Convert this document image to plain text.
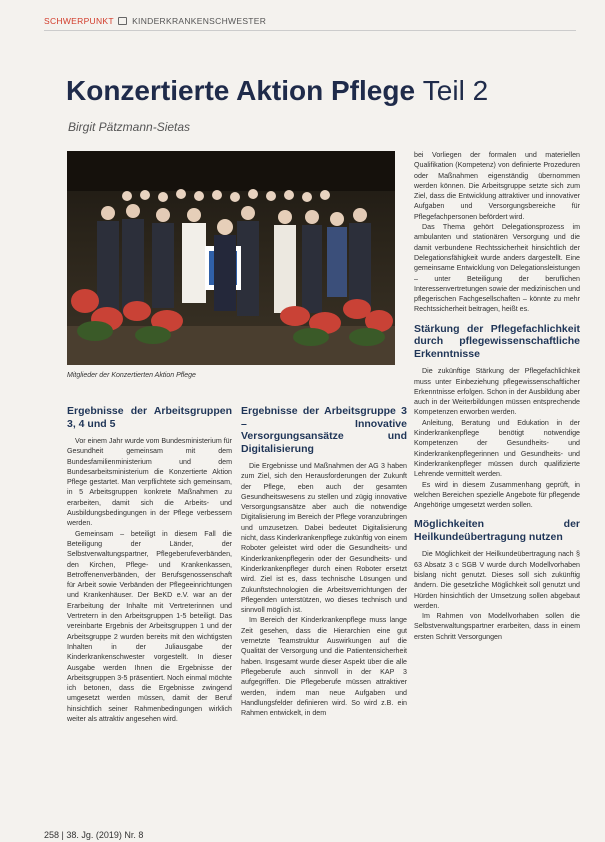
SCHWERPUNKT KINDERKRANKENSCHWESTER
Konzertierte Aktion Pflege Teil 2
Birgit Pätzmann-Sietas
Mitglieder der Konzertierten Aktion Pflege
Ergebnisse der Arbeitsgruppen 3, 4 und 5

Vor einem Jahr wurde vom Bundesministerium für Gesundheit gemeinsam mit dem Bundesfamilienministerium und dem Bundesarbeitsministerium die Konzertierte Aktion Pflege gestartet. Man verpflichtete sich gemeinsam, in 5 Arbeitsgruppen konkrete Maßnahmen zu erarbeiten, damit sich die Arbeits- und Ausbildungsbedingungen in der Pflege verbessern werden.

Gemeinsam – beteiligt in diesem Fall die Beteiligung der Länder, der Selbstverwaltungspartner, Pflegeberufeverbänden, den Kirchen, Pflege- und Krankenkassen, Betroffenenverbänden, der Berufsgenossenschaft für Arbeit sowie Verbänden der Pflegeeinrichtungen und Krankenhäuser. Der BeKD e.V. war an der Erarbeitung der Inhalte mit Vertreterinnen und Vertretern in den Arbeitsgruppen 1-5 beteiligt. Das vereinbarte Ergebnis der Arbeitsgruppen 1 und der Arbeitsgruppe 2 wurden bereits mit den wichtigsten Inhalten in der Juliausgabe der Kinderkrankenschwester vorgestellt. In dieser Ausgabe werden Ihnen die Ergebnisse der Arbeitsgruppen 3-5 präsentiert. Noch einmal möchte ich betonen, dass die Ergebnisse zwingend umgesetzt werden müssen, damit der Beruf hinsichtlich seiner Rahmenbedingungen wirklich weiter als attraktiv angesehen wird.

Ergebnisse der Arbeitsgruppe 3 – Innovative Versorgungsansätze und Digitalisierung

Die Ergebnisse und Maßnahmen der AG 3 haben zum Ziel, sich den Herausforderungen der Zukunft der Pflege, eben auch der gesamten Gesundheitswesens zu stellen und zügig innovative Versorgungsansätze aber auch die notwendige Digitalisierung im Bereich der Pflege voranzubringen und umzusetzen. Dabei bedeutet Digitalisierung nicht, dass Kinderkrankenpflege zukünftig von einem Roboter geleistet wird oder die Gesundheits- und Kinderkrankenpflegerin oder der Gesundheits- und Kinderkrankenpfleger durch einen Roboter ersetzt wird. Ziel ist es, dass technische Lösungen und Zukunftstechnologien die Arbeitsverrichtungen der Pflegenden unterstützen, wo dieses technisch und sinnvoll möglich ist.

Im Bereich der Kinderkrankenpflege muss lange Zeit gesehen, dass die Hierarchien eine gut vernetzte Teamstruktur Auswirkungen auf die Qualität der Versorgung und die Patientensicherheit haben. Insgesamt wurde dieser Aspekt über die alle Pflegeberufe auch sinnvoll in der KAP 3 aufgegriffen. Die Pflegeberufe müssen attraktiver werden, indem man neue Aufgaben und Handlungsfelder definieren wird. So wird z.B. ein Rahmen entwickelt, in dem

bei Vorliegen der formalen und materiellen Qualifikation (Kompetenz) von definierte Prozeduren oder Maßnahmen eigenständig übernommen werden können. Die Arbeitsgruppe setzte sich zum Ziel, dass die Entwicklung attraktiver und innovativer Aufgaben und Versorgungsbereiche für Pflegefachpersonen befördert wird.

Das Thema gehört Delegationsprozess im ambulanten und stationären Versorgung und die damit verbundene Rechtssicherheit hinsichtlich der Delegationsfähigkeit wurde anders dargestellt. Eine gemeinsame Entwicklung von Delegationsleistungen – unter Beteiligung der beruflichen Interessenvertretungen sowie der medizinischen und pflegerischen Fachgesellschaften – könnte zu mehr Rechtssicherheit beitragen, heißt es.

Stärkung der Pflegefachlichkeit durch pflegewissenschaftliche Erkenntnisse

Die zukünftige Stärkung der Pflegefachlichkeit muss unter Einbeziehung pflegewissenschaftlicher Erkenntnisse erfolgen. Schon in der Ausbildung aber auch in der Weiterbildungen müssen entsprechende Kompetenzen erworben werden.

Anleitung, Beratung und Edukation in der Kinderkrankenpflege benötigt notwendige Kompetenzen der Gesundheits- und Kinderkrankenpflegerinnen und Gesundheits- und Kinderkrankenpfleger müssen durch qualifizierte Lehrende vermittelt werden.

Es wird in diesem Zusammenhang geprüft, in welchen Bereichen spezielle Angebote für pflegende Angehörige umgesetzt werden sollen.

Möglichkeiten der Heilkundeübertragung nutzen

Die Möglichkeit der Heilkundeübertragung nach § 63 Absatz 3 c SGB V wurde durch Modellvorhaben bislang nicht genutzt. Dieses soll sich zukünftig ändern. Die gesetzliche Möglichkeit soll genutzt und Hürden hinsichtlich der Umsetzung sollen abgebaut werden.

Im Rahmen von Modellvorhaben sollen die Selbstverwaltungspartner erarbeiten, dass in einem ersten Schritt Versorgungen

258 | 38. Jg. (2019) Nr. 8
